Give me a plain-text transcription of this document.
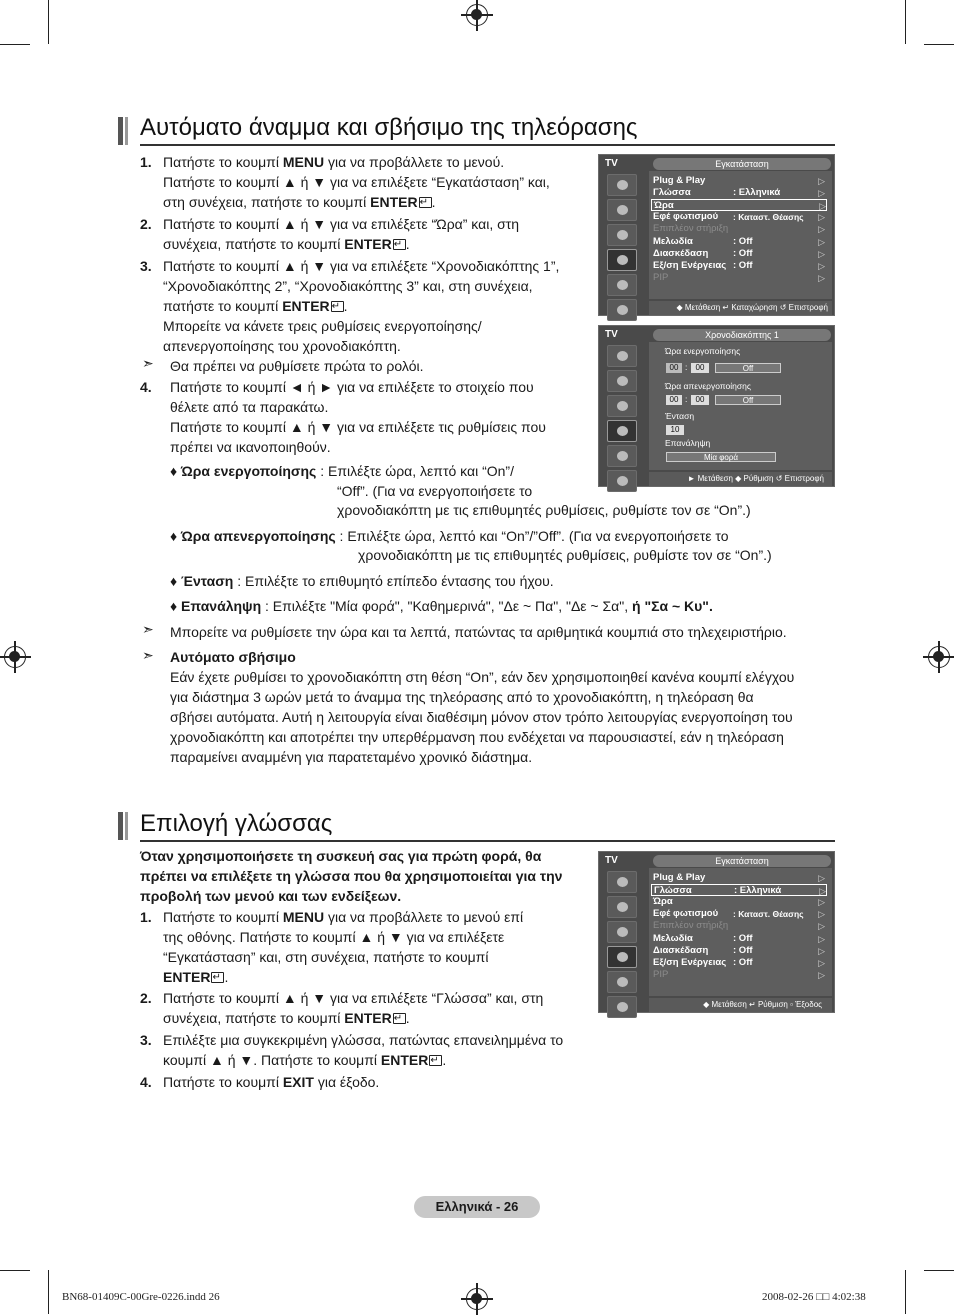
Αυτόματο άναμμα και σβήσιμο της τηλεόρασης
1. Πατήστε το κουμπί MENU για να προβάλλετε το μενού.
Πατήστε το κουμπί ▲ ή ▼ για να επιλέξετε “Εγκατάσταση” και,
στη συνέχεια, πατήστε το κουμπί ENTER ↵ .
2. Πατήστε το κουμπί ▲ ή ▼ για να επιλέξετε “Ώρα” και, στη
συνέχεια, πατήστε το κουμπί ENTER ↵ .
3. Πατήστε το κουμπί ▲ ή ▼ για να επιλέξετε “Χρονοδιακόπτης 1”,
“Χρονοδιακόπτης 2”, “Χρονοδιακόπτης 3” και, στη συνέχεια,
πατήστε το κουμπί ENTER ↵ .
Μπορείτε να κάνετε τρεις ρυθμίσεις ενεργοποίησης/
απενεργοποίησης του χρονοδιακόπτη.
➣ Θα πρέπει να ρυθμίσετε πρώτα το ρολόι.
4. Πατήστε το κουμπί ◄ ή ► για να επιλέξετε το στοιχείο που
θέλετε από τα παρακάτω.
Πατήστε το κουμπί ▲ ή ▼ για να επιλέξετε τις ρυθμίσεις που
πρέπει να ικανοποιηθούν.
♦ Ώρα ενεργοποίησης : Επιλέξτε ώρα, λεπτό και “On”/
“Off”. (Για να ενεργοποιήσετε το
χρονοδιακόπτη με τις επιθυμητές ρυθμίσεις, ρυθμίστε τον σε “On”.)
♦ Ώρα απενεργοποίησης : Επιλέξτε ώρα, λεπτό και “On”/”Off”. (Για να ενεργοποιήσετε το
χρονοδιακόπτη με τις επιθυμητές ρυθμίσεις, ρυθμίστε τον σε “On”.)
♦ Ένταση : Επιλέξτε το επιθυμητό επίπεδο έντασης του ήχου.
♦ Επανάληψη : Επιλέξτε "Μία φορά", "Καθημερινά", "Δε ~ Πα", "Δε ~ Σα", ή "Σα ~ Κυ".
➣ Μπορείτε να ρυθμίσετε την ώρα και τα λεπτά, πατώντας τα αριθμητικά κουμπιά στο τηλεχειριστήριο.
➣ Αυτόματο σβήσιμο
Εάν έχετε ρυθμίσει το χρονοδιακόπτη στη θέση “On”, εάν δεν χρησιμοποιηθεί κανένα κουμπί ελέγχου
για διάστημα 3 ωρών μετά το άναμμα της τηλεόρασης από το χρονοδιακόπτη, η τηλεόραση θα
σβήσει αυτόματα. Αυτή η λειτουργία είναι διαθέσιμη μόνον στον τρόπο λειτουργίας ενεργοποίηση του
χρονοδιακόπτη και αποτρέπει την υπερθέρμανση που ενδέχεται να παρουσιαστεί, εάν η τηλεόραση
παραμείνει αναμμένη για παρατεταμένο χρονικό διάστημα.
Επιλογή γλώσσας
Όταν χρησιμοποιήσετε τη συσκευή σας για πρώτη φορά, θα
πρέπει να επιλέξετε τη γλώσσα που θα χρησιμοποιείται για την
προβολή των μενού και των ενδείξεων.
1. Πατήστε το κουμπί MENU για να προβάλλετε το μενού επί
της οθόνης. Πατήστε το κουμπί ▲ ή ▼ για να επιλέξετε
“Εγκατάσταση” και, στη συνέχεια, πατήστε το κουμπί
ENTER ↵ .
2. Πατήστε το κουμπί ▲ ή ▼ για να επιλέξετε “Γλώσσα” και, στη
συνέχεια, πατήστε το κουμπί ENTER ↵ .
3. Επιλέξτε μια συγκεκριμένη γλώσσα, πατώντας επανειλημμένα το
κουμπί ▲ ή ▼. Πατήστε το κουμπί ENTER ↵ .
4. Πατήστε το κουμπί EXIT για έξοδο.
TV	Εγκατάσταση
Plug & Play	▷
Γλώσσα	: Ελληνικά	▷
Ώρα	▷
Εφέ φωτισμού : Καταστ. Θέασης ▷
Επιπλέον στήριξη	▷
Μελωδία	: Off	▷
Διασκέδαση	: Off	▷
Εξ/ση Ενέργειας : Off	▷
PIP	▷
◆ Μετάθεση ↵ Καταχώρηση ↺ Επιστροφή
TV	Χρονοδιακόπτης 1
Ώρα ενεργοποίησης
00 :	00	Off
Ώρα απενεργοποίησης
00 :	00	Off
Ένταση
10
Επανάληψη
Μία φορά
► Μετάθεση ◆ Ρύθμιση ↺ Επιστροφή
TV	Εγκατάσταση
Plug & Play	▷
Γλώσσα	: Ελληνικά	▷
Ώρα	▷
Εφέ φωτισμού : Καταστ. Θέασης ▷
Επιπλέον στήριξη	▷
Μελωδία	: Off	▷
Διασκέδαση	: Off	▷
Εξ/ση Ενέργειας : Off	▷
PIP	▷
◆ Μετάθεση ↵ Ρύθμιση ▫ Έξοδος
Ελληνικά - 26
BN68-01409C-00Gre-0226.indd 26	2008-02-26 □□ 4:02:38
